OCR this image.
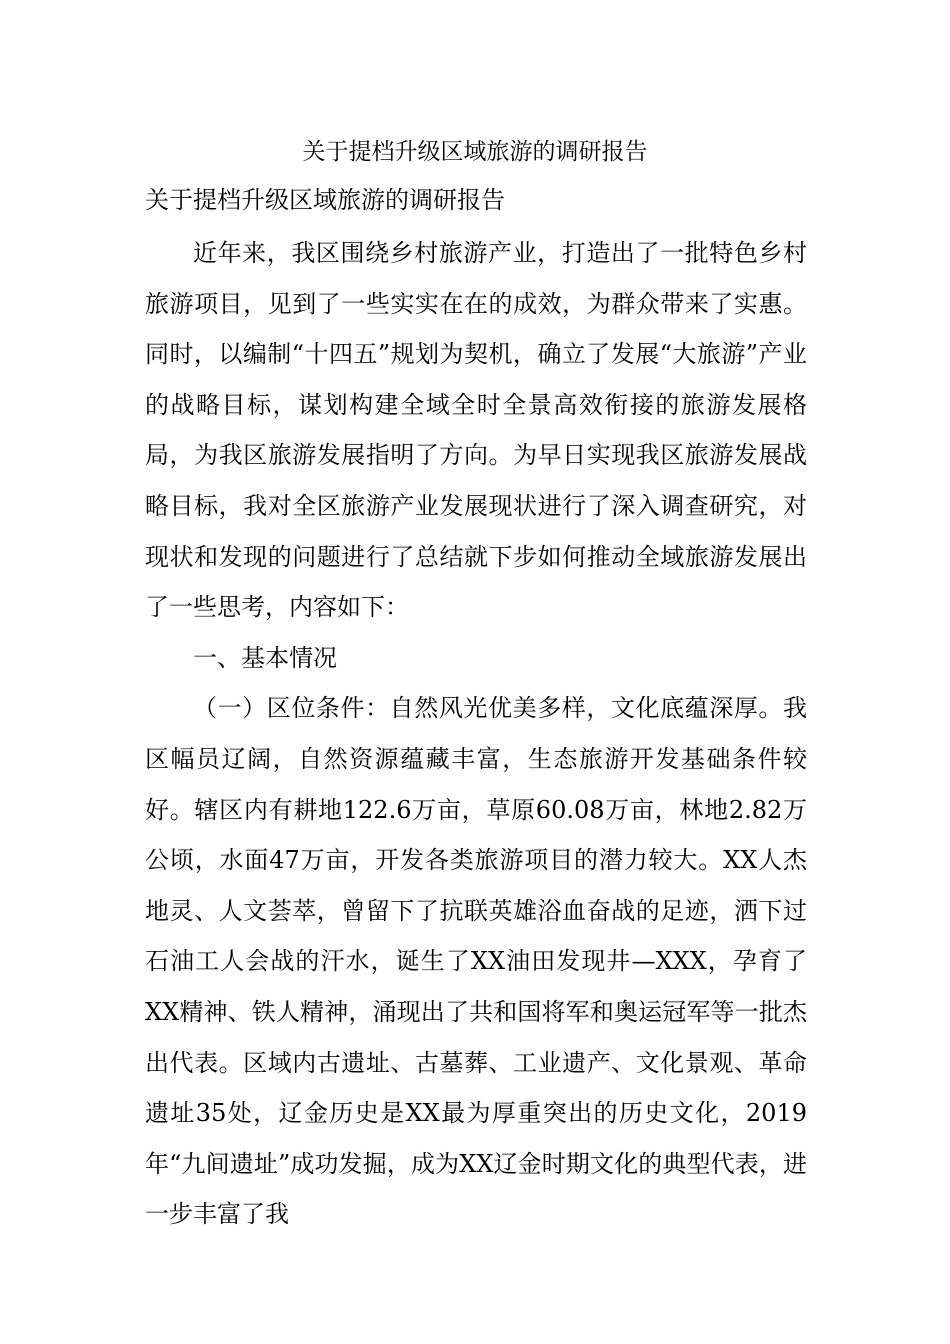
关于提档升级区域旅游的调研报告
关于提档升级区域旅游的调研报告

近年来，我区围绕乡村旅游产业，打造出了一批特色乡村旅游项目，见到了一些实实在在的成效，为群众带来了实惠。同时，以编制“十四五”规划为契机，确立了发展“大旅游”产业的战略目标，谋划构建全域全时全景高效衔接的旅游发展格局，为我区旅游发展指明了方向。为早日实现我区旅游发展战略目标，我对全区旅游产业发展现状进行了深入调查研究，对现状和发现的问题进行了总结就下步如何推动全域旅游发展出了一些思考，内容如下：

一、基本情况

（一）区位条件：自然风光优美多样，文化底蕴深厚。我区幅员辽阔，自然资源蕴藏丰富，生态旅游开发基础条件较好。辖区内有耕地122.6万亩，草原60.08万亩，林地2.82万公顷，水面47万亩，开发各类旅游项目的潜力较大。XX人杰地灵、人文荟萃，曾留下了抗联英雄浴血奋战的足迹，洒下过石油工人会战的汗水，诞生了XX油田发现井—XXX，孕育了XX精神、铁人精神，涌现出了共和国将军和奥运冠军等一批杰出代表。区域内古遗址、古墓葬、工业遗产、文化景观、革命遗址35处，辽金历史是XX最为厚重突出的历史文化，2019年“九间遗址”成功发掘，成为XX辽金时期文化的典型代表，进一步丰富了我
